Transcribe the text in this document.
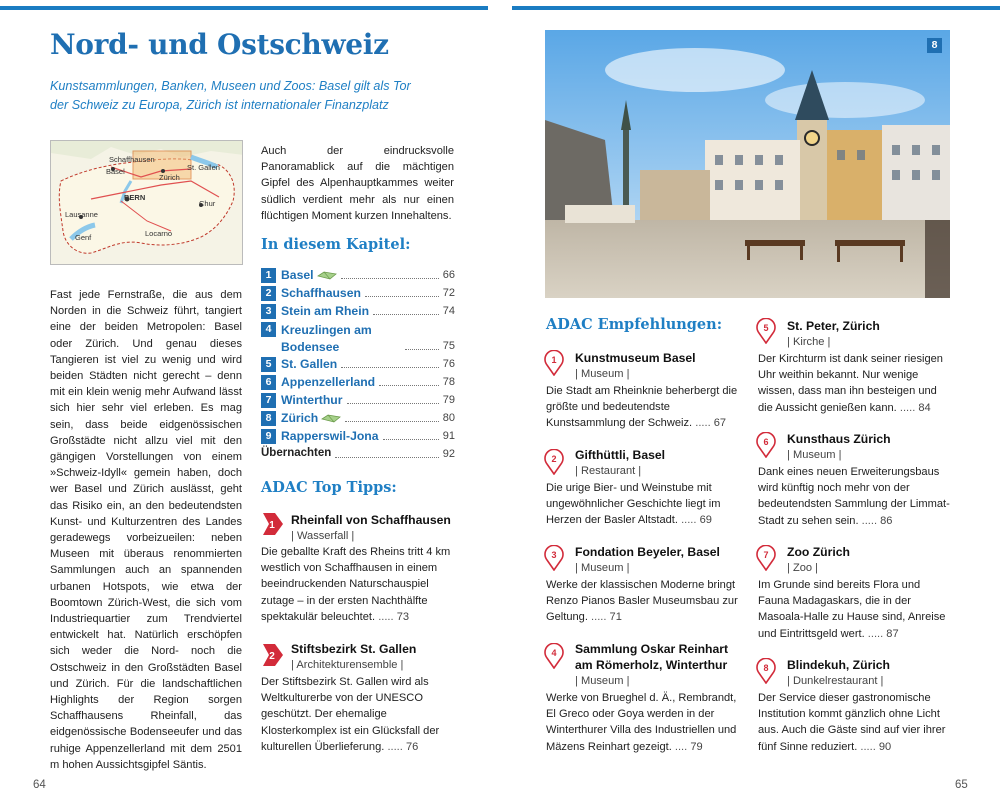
Nord- und Ostschweiz

Kunstsammlungen, Banken, Museen und Zoos: Basel gilt als Tor der Schweiz zu Europa, Zürich ist internationaler Finanzplatz

Schaffhausen
St. Gallen
Basel
Zürich
BERN
Lausanne
Chur
Locarno
Genf

Fast jede Fernstraße, die aus dem Norden in die Schweiz führt, tangiert eine der beiden Metropolen: Basel oder Zürich. Und genau dieses Tangieren ist viel zu wenig und wird beiden Städten nicht gerecht – denn mit ein klein wenig mehr Aufwand lässt sich hier sehr viel erleben. Es mag sein, dass beide eidgenössischen Großstädte nicht allzu viel mit den gängigen Vorstellungen von einem »Schweiz-Idyll« gemein haben, doch wer Basel und Zürich auslässt, geht das Risiko ein, an den bedeutendsten Kunst- und Kulturzentren des Landes geradewegs vorbeizueilen: neben Museen mit überaus renommierten Sammlungen auch an spannenden urbanen Hotspots, wie etwa der Boomtown Zürich-West, die sich vom Industriequartier zum Trendviertel entwickelt hat. Natürlich erschöpfen sich weder die Nord- noch die Ostschweiz in den Großstädten Basel und Zürich. Für die landschaftlichen Highlights der Region sorgen Schaffhausens Rheinfall, das eidgenössische Bodenseeufer und das ruhige Appenzellerland mit dem 2501 m hohen Aussichtsgipfel Säntis.

Auch der eindrucksvolle Panoramablick auf die mächtigen Gipfel des Alpenhauptkammes weiter südlich verdient mehr als nur einen flüchtigen Moment kurzen Innehaltens.

In diesem Kapitel:
1 Basel	66
2 Schaffhausen	72
3 Stein am Rhein	74
4 Kreuzlingen am Bodensee	75
5 St. Gallen	76
6 Appenzellerland	78
7 Winterthur	79
8 Zürich	80
9 Rapperswil-Jona	91
Übernachten	92
ADAC Top Tipps:
1 Rheinfall von Schaffhausen
| Wasserfall |
Die geballte Kraft des Rheins tritt 4 km westlich von Schaffhausen in einem beeindruckenden Naturschauspiel zutage – in der ersten Nachthälfte spektakulär beleuchtet. ..... 73
2
Stiftsbezirk St. Gallen
| Architekturensemble |
Der Stiftsbezirk St. Gallen wird als Weltkulturerbe von der UNESCO geschützt. Der ehemalige Klosterkomplex ist ein Glücksfall der kulturellen Überlieferung. ..... 76
8
ADAC Empfehlungen:
1 Kunstmuseum Basel
| Museum |
Die Stadt am Rheinknie beherbergt die größte und bedeutendste Kunstsammlung der Schweiz. ..... 67
2 Gifthüttli, Basel
| Restaurant |
Die urige Bier- und Weinstube mit ungewöhnlicher Geschichte liegt im Herzen der Basler Altstadt. ..... 69
3 Fondation Beyeler, Basel
| Museum |
Werke der klassischen Moderne bringt Renzo Pianos Basler Museumsbau zur Geltung. ..... 71
4 Sammlung Oskar Reinhart am Römerholz, Winterthur
| Museum |
Werke von Brueghel d. Ä., Rembrandt, El Greco oder Goya werden in der Winterthurer Villa des Industriellen und Mäzens Reinhart gezeigt. .... 79
5 St. Peter, Zürich
| Kirche |
Der Kirchturm ist dank seiner riesigen Uhr weithin bekannt. Nur wenige wissen, dass man ihn besteigen und die Aussicht genießen kann. ..... 84
6 Kunsthaus Zürich
| Museum |
Dank eines neuen Erweiterungsbaus wird künftig noch mehr von der bedeutendsten Sammlung der Limmat-Stadt zu sehen sein. ..... 86
7 Zoo Zürich
| Zoo |
Im Grunde sind bereits Flora und Fauna Madagaskars, die in der Masoala-Halle zu Hause sind, Anreise und Eintrittsgeld wert. ..... 87
8 Blindekuh, Zürich
| Dunkelrestaurant |
Der Service dieser gastronomische Institution kommt gänzlich ohne Licht aus. Auch die Gäste sind auf vier ihrer fünf Sinne reduziert. ..... 90
64	65
